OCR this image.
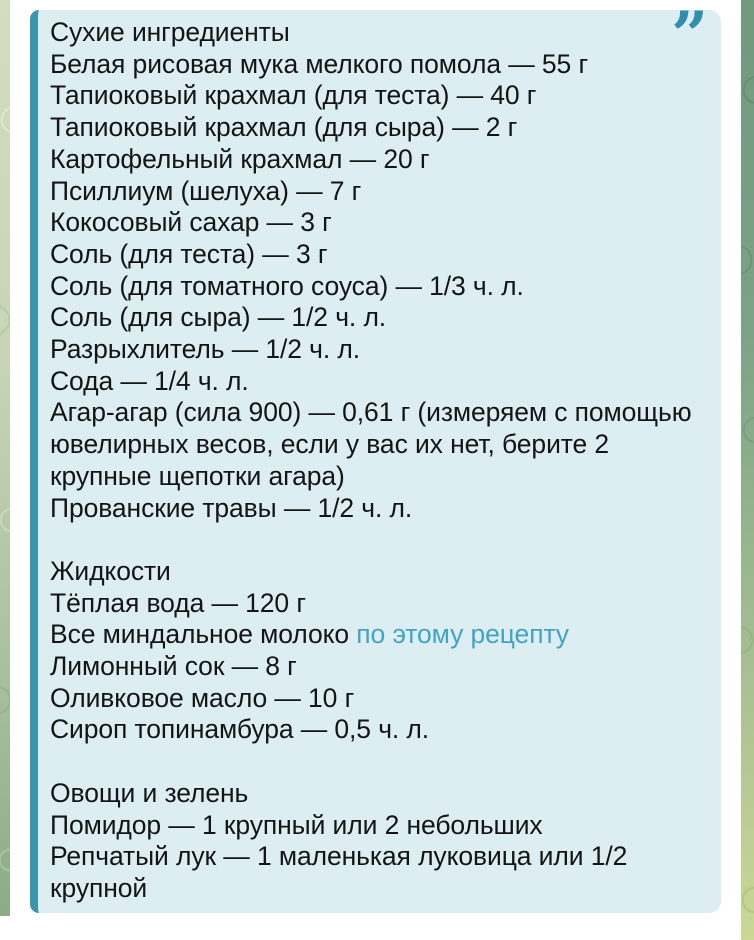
”
Сухие ингредиенты
Белая рисовая мука мелкого помола — 55 г
Тапиоковый крахмал (для теста) — 40 г
Тапиоковый крахмал (для сыра) — 2 г
Картофельный крахмал — 20 г
Псиллиум (шелуха) — 7 г
Кокосовый сахар — 3 г
Соль (для теста) — 3 г
Соль (для томатного соуса) — 1/3 ч. л.
Соль (для сыра) — 1/2 ч. л.
Разрыхлитель — 1/2 ч. л.
Сода — 1/4 ч. л.
Агар-агар (сила 900) — 0,61 г (измеряем с помощью ювелирных весов, если у вас их нет, берите 2 крупные щепотки агара)
Прованские травы — 1/2 ч. л.
Жидкости
Тёплая вода — 120 г
Все миндальное молоко по этому рецепту
Лимонный сок — 8 г
Оливковое масло — 10 г
Сироп топинамбура — 0,5 ч. л.
Овощи и зелень
Помидор — 1 крупный или 2 небольших
Репчатый лук — 1 маленькая луковица или 1/2 крупной
